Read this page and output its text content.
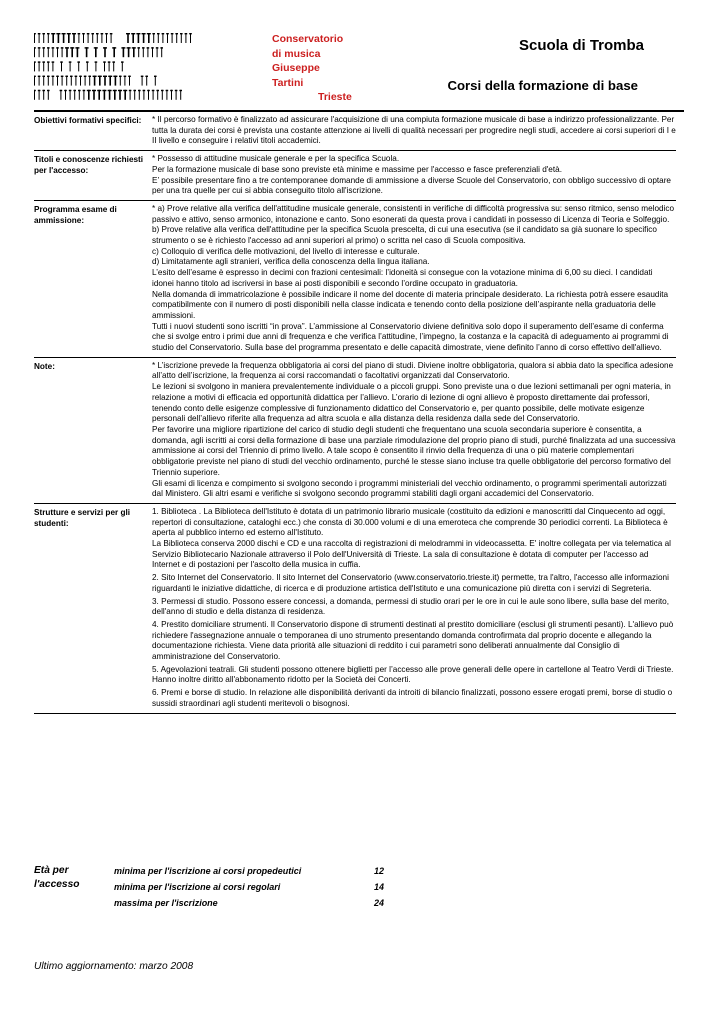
Conservatorio
di musica
Giuseppe
Tartini
Trieste
Scuola di Tromba
Corsi della formazione di base
Obiettivi formativi specifici:	* Il percorso formativo è finalizzato ad assicurare l'acquisizione di una compiuta formazione musicale di base a indirizzo professionalizzante. Per tutta la durata dei corsi è prevista una costante attenzione ai livelli di qualità necessari per progredire negli studi, accedere ai corsi superiori di I e II livello e conseguire i relativi titoli accademici.

Titoli e conoscenze richiesti per l'accesso:

* Possesso di attitudine musicale generale e per la specifica Scuola.
Per la formazione musicale di base sono previste età minime e massime per l'accesso e fasce preferenziali d'età.
E’ possibile presentare fino a tre contemporanee domande di ammissione a diverse Scuole del Conservatorio, con obbligo successivo di optare per una tra quelle per cui si abbia conseguito titolo all'iscrizione.

Programma esame di ammissione:

* a) Prove relative alla verifica dell'attitudine musicale generale, consistenti in verifiche di difficoltà progressiva su: senso ritmico, senso melodico passivo e attivo, senso armonico, intonazione e canto. Sono esonerati da questa prova i candidati in possesso di Licenza di Teoria e Solfeggio.
b) Prove relative alla verifica dell'attitudine per la specifica Scuola prescelta, di cui una esecutiva (se il candidato sa già suonare lo specifico strumento o se è richiesto l'accesso ad anni superiori al primo) o scritta nel caso di Scuola compositiva.
c) Colloquio di verifica delle motivazioni, del livello di interesse e culturale.
d) Limitatamente agli stranieri, verifica della conoscenza della lingua italiana.
L’esito dell’esame è espresso in decimi con frazioni centesimali: l’idoneità si consegue con la votazione minima di 6,00 su dieci. I candidati idonei hanno titolo ad iscriversi in base ai posti disponibili e secondo l’ordine occupato in graduatoria.
Nella domanda di immatricolazione è possibile indicare il nome del docente di materia principale desiderato. La richiesta potrà essere esaudita compatibilmente con il numero di posti disponibili nella classe indicata e tenendo conto della posizione dell’aspirante nella graduatoria delle ammissioni.
Tutti i nuovi studenti sono iscritti “in prova”. L’ammissione al Conservatorio diviene definitiva solo dopo il superamento dell’esame di conferma che si svolge entro i primi due anni di frequenza e che verifica l’attitudine, l’impegno, la costanza e la capacità di adeguamento ai programmi di studio del Conservatorio. Sulla base del programma presentato e delle capacità dimostrate, viene definito l’anno di corso effettivo dell'allievo.

Note:	* L’iscrizione prevede la frequenza obbligatoria ai corsi del piano di studi. Diviene inoltre obbligatoria, qualora si abbia dato la specifica adesione all’atto dell’iscrizione, la frequenza ai corsi raccomandati o facoltativi organizzati dal Conservatorio.
Le lezioni si svolgono in maniera prevalentemente individuale o a piccoli gruppi. Sono previste una o due lezioni settimanali per ogni materia, in relazione a motivi di efficacia ed opportunità didattica per l’allievo. L’orario di lezione di ogni allievo è proposto direttamente dai professori, tenendo conto delle esigenze complessive di funzionamento didattico del Conservatorio e, per quanto possibile, delle motivate esigenze personali dell’allievo riferite alla frequenza ad altra scuola e alla distanza della residenza dalla sede del Conservatorio.
Per favorire una migliore ripartizione del carico di studio degli studenti che frequentano una scuola secondaria superiore è consentita, a domanda, agli iscritti ai corsi della formazione di base una parziale rimodulazione del proprio piano di studi, purché finalizzata ad una successiva ammissione ai corsi del Triennio di primo livello. A tale scopo è consentito il rinvio della frequenza di una o più materie complementari obbligatorie previste nel piano di studi del vecchio ordinamento, purché le stesse siano incluse tra quelle obbligatorie del percorso formativo del Triennio superiore.
Gli esami di licenza e compimento si svolgono secondo i programmi ministeriali del vecchio ordinamento, o programmi sperimentali autorizzati dal Ministero. Gli altri esami e verifiche si svolgono secondo programmi stabiliti dagli organi accademici del Conservatorio.

Strutture e servizi per gli studenti:

1. Biblioteca . La Biblioteca dell'Istituto è dotata di un patrimonio librario musicale (costituito da edizioni e manoscritti dal Cinquecento ad oggi, repertori di consultazione, cataloghi ecc.) che consta di 30.000 volumi e di una emeroteca che comprende 30 periodici correnti. La Biblioteca è aperta al pubblico interno ed esterno all'Istituto.
La Biblioteca conserva 2000 dischi e CD e una raccolta di registrazioni di melodrammi in videocassetta. E' inoltre collegata per via telematica al Servizio Bibliotecario Nazionale attraverso il Polo dell'Università di Trieste. La sala di consultazione è dotata di computer per l'accesso ad Internet e di postazioni per l'ascolto della musica in cuffia.

2. Sito Internet del Conservatorio. Il sito Internet del Conservatorio (www.conservatorio.trieste.it) permette, tra l'altro, l'accesso alle informazioni riguardanti le iniziative didattiche, di ricerca e di produzione artistica dell'Istituto e una comunicazione più diretta con i servizi di Segreteria.

3. Permessi di studio. Possono essere concessi, a domanda, permessi di studio orari per le ore in cui le aule sono libere, sulla base del merito, dell'anno di studio e della distanza di residenza.

4. Prestito domiciliare strumenti. Il Conservatorio dispone di strumenti destinati al prestito domiciliare (esclusi gli strumenti pesanti). L'allievo può richiedere l'assegnazione annuale o temporanea di uno strumento presentando domanda controfirmata dal proprio docente e allegando la documentazione richiesta. Viene data priorità alle situazioni di reddito i cui parametri sono deliberati annualmente dal Consiglio di amministrazione del Conservatorio.

5. Agevolazioni teatrali. Gli studenti possono ottenere biglietti per l’accesso alle prove generali delle opere in cartellone al Teatro Verdi di Trieste. Hanno inoltre diritto all'abbonamento ridotto per la Società dei Concerti.

6. Premi e borse di studio. In relazione alle disponibilità derivanti da introiti di bilancio finalizzati, possono essere erogati premi, borse di studio o sussidi straordinari agli studenti meritevoli o bisognosi.

Età per l'accesso
minima per l'iscrizione ai corsi propedeutici	12
minima per l'iscrizione ai corsi regolari	14
massima per l'iscrizione	24
Ultimo aggiornamento: marzo 2008
